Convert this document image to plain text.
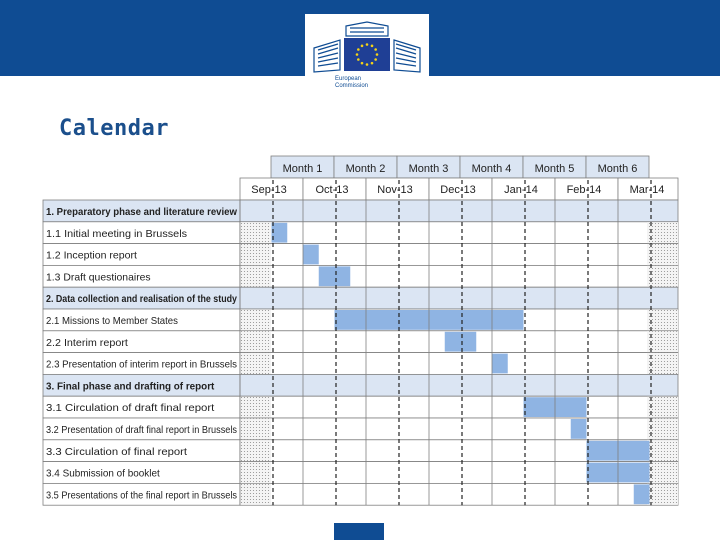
European
Commission
Calendar
Month 1 Month 2 Month 3 Month 4 Month 5 Month 6
Sep-13	Oct-13	Nov-13	Dec-13	Jan-14	Feb-14	Mar-14
1. Preparatory phase and literature review
1.1 Initial meeting in Brussels
1.2 Inception report
1.3 Draft questionaires
2. Data collection and realisation of the study
2.1 Missions to Member States
2.2 Interim report
2.3 Presentation of interim report in Brussels
3. Final phase and drafting of report
3.1 Circulation of draft final report
3.2 Presentation of draft final report in Brussels
3.3 Circulation of final report
3.4 Submission of booklet
3.5 Presentations of the final report in Brussels
